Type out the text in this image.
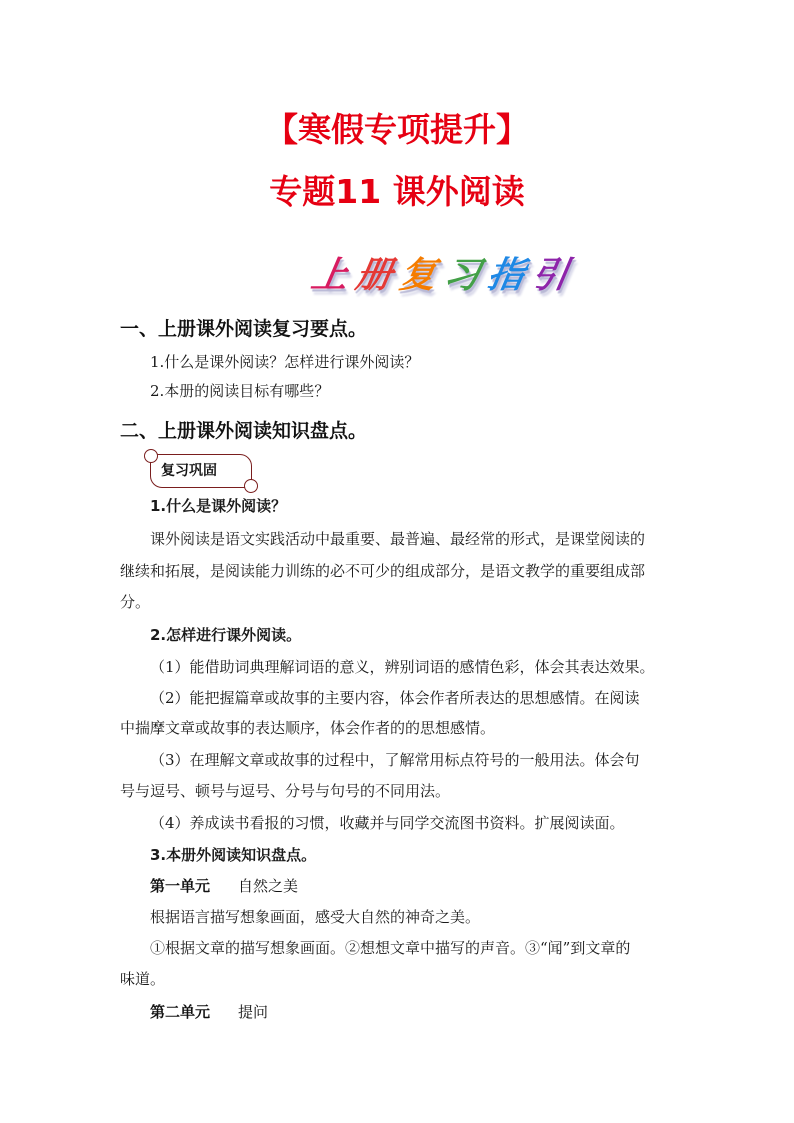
【寒假专项提升】
专题11 课外阅读
上 册 复 习 指 引
一、上册课外阅读复习要点。
1.什么是课外阅读？怎样进行课外阅读？
2.本册的阅读目标有哪些？
二、上册课外阅读知识盘点。
复习巩固
1.什么是课外阅读？
课外阅读是语文实践活动中最重要、最普遍、最经常的形式，是课堂阅读的
继续和拓展，是阅读能力训练的必不可少的组成部分，是语文教学的重要组成部
分。
2.怎样进行课外阅读。
（1）能借助词典理解词语的意义，辨别词语的感情色彩，体会其表达效果。
（2）能把握篇章或故事的主要内容，体会作者所表达的思想感情。在阅读
中揣摩文章或故事的表达顺序，体会作者的的思想感情。
（3）在理解文章或故事的过程中，了解常用标点符号的一般用法。体会句
号与逗号、顿号与逗号、分号与句号的不同用法。
（4）养成读书看报的习惯，收藏并与同学交流图书资料。扩展阅读面。
3.本册外阅读知识盘点。
第一单元 自然之美
根据语言描写想象画面，感受大自然的神奇之美。
①根据文章的描写想象画面。②想想文章中描写的声音。③“闻”到文章的
味道。
第二单元 提问
